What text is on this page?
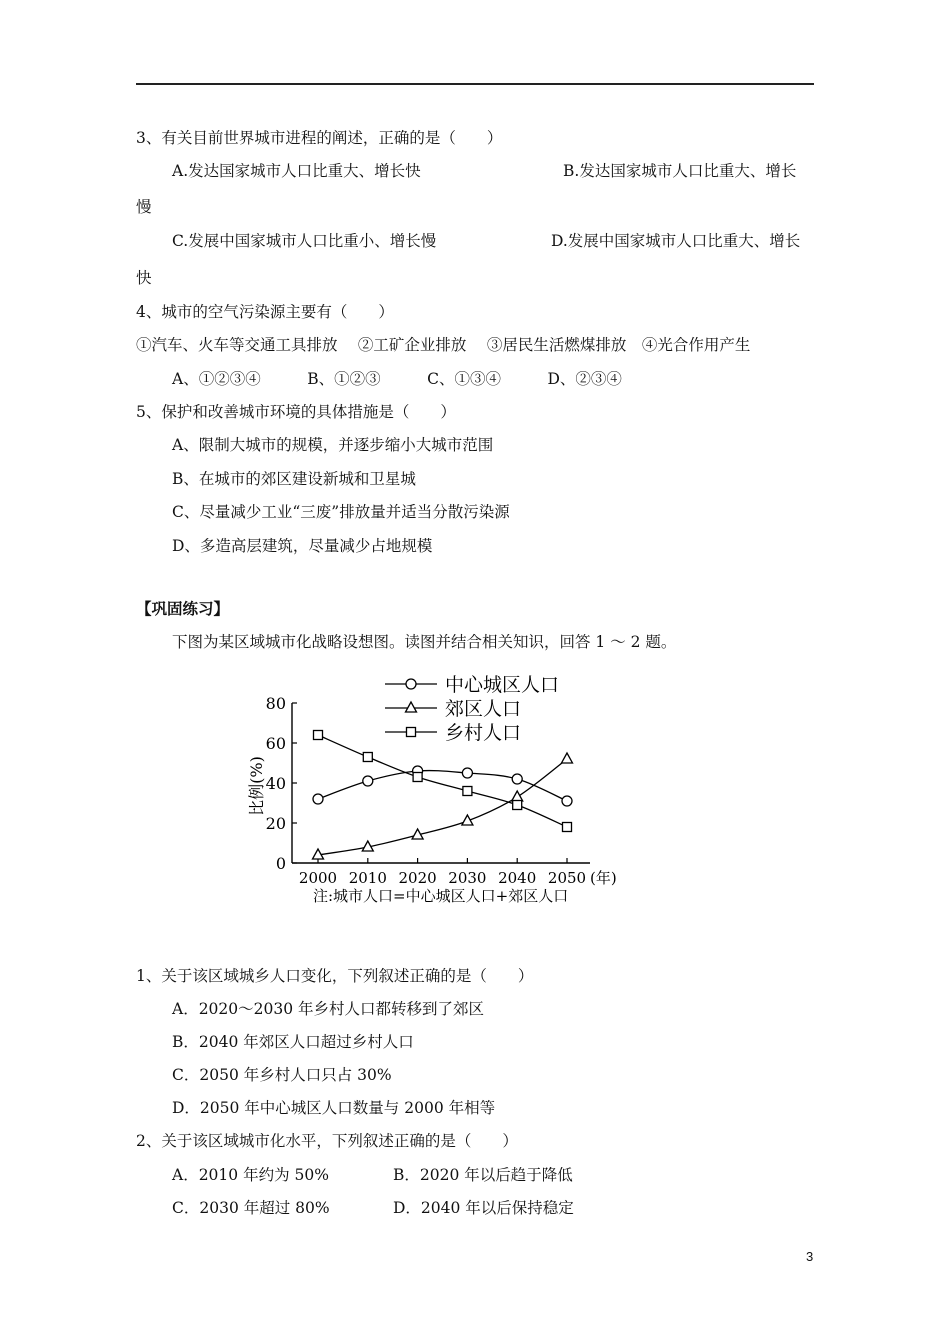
3、有关目前世界城市进程的阐述，正确的是（　　）
A.发达国家城市人口比重大、增长快	B.发达国家城市人口比重大、增长
慢
C.发展中国家城市人口比重小、增长慢	D.发展中国家城市人口比重大、增长
快
4、城市的空气污染源主要有（　　）
①汽车、火车等交通工具排放　 ②工矿企业排放　 ③居民生活燃煤排放　④光合作用产生
A、①②③④　　　B、①②③　　　C、①③④　　　D、②③④
5、保护和改善城市环境的具体措施是（　　）
A、限制大城市的规模，并逐步缩小大城市范围
B、在城市的郊区建设新城和卫星城
C、尽量减少工业“三废”排放量并适当分散污染源
D、多造高层建筑，尽量减少占地规模
【巩固练习】
下图为某区域城市化战略设想图。读图并结合相关知识，回答 1 ～ 2 题。
比例(%)
0
20
40
60
80
2000 2010 2020 2030 2040 2050 (年)
中心城区人口
郊区人口
乡村人口
注:城市人口=中心城区人口+郊区人口
1、关于该区域城乡人口变化，下列叙述正确的是（　　）
A．2020～2030 年乡村人口都转移到了郊区
B．2040 年郊区人口超过乡村人口
C．2050 年乡村人口只占 30%
D．2050 年中心城区人口数量与 2000 年相等
2、关于该区域城市化水平，下列叙述正确的是（　　）
A．2010 年约为 50%	B．2020 年以后趋于降低
C．2030 年超过 80%	D．2040 年以后保持稳定
3
